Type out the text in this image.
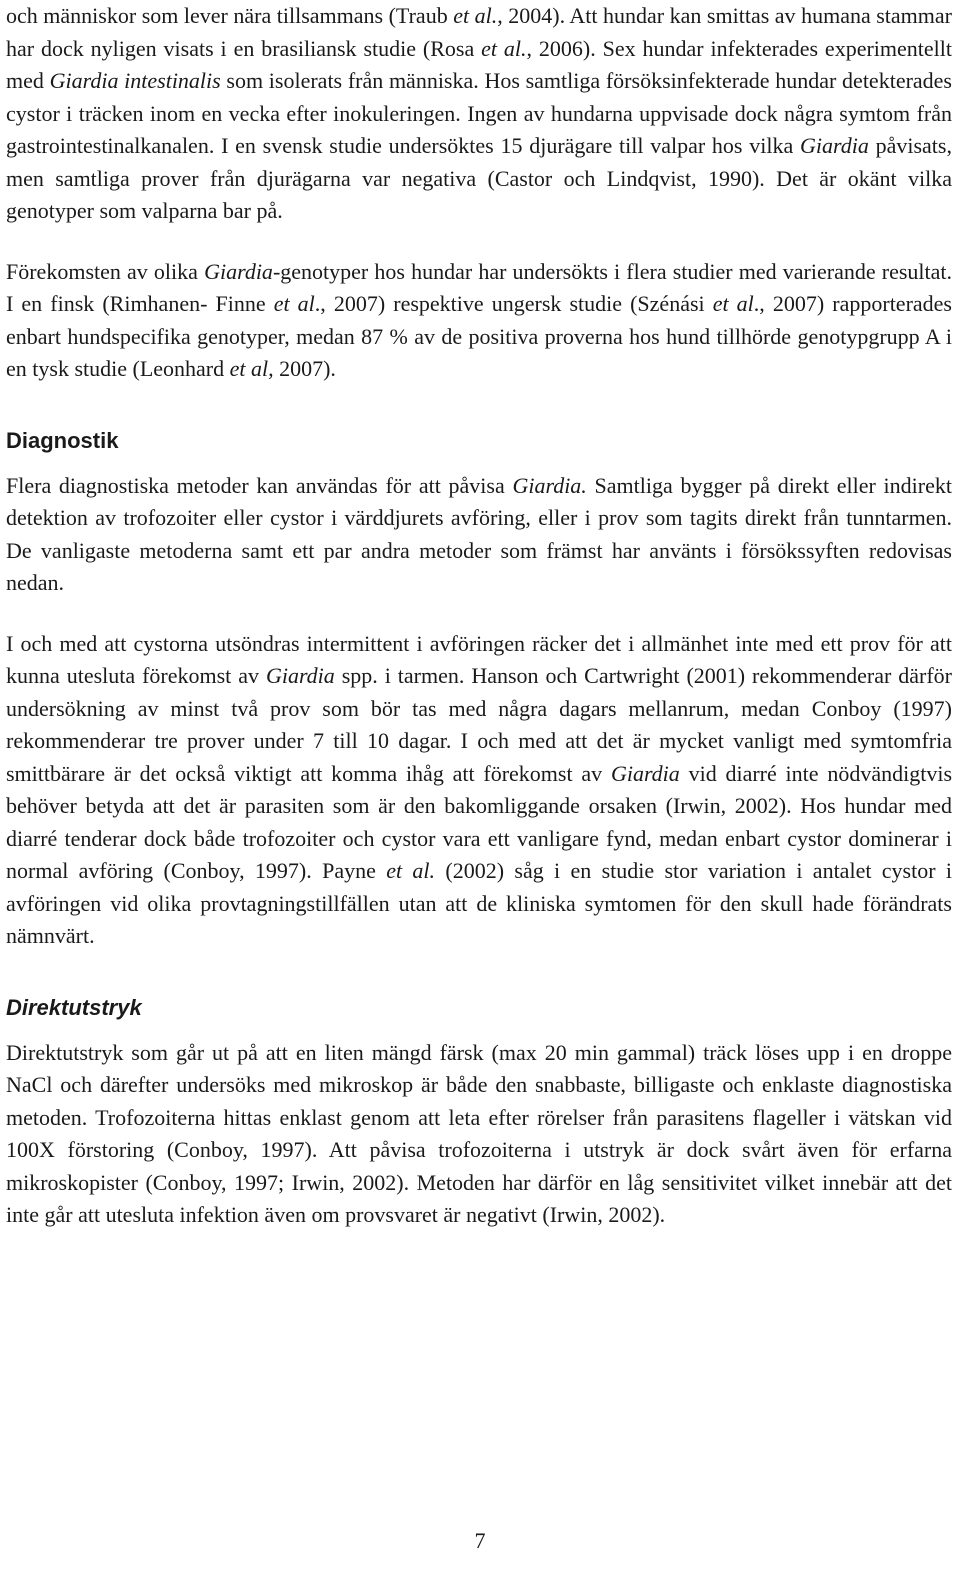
och människor som lever nära tillsammans (Traub et al., 2004). Att hundar kan smittas av humana stammar har dock nyligen visats i en brasiliansk studie (Rosa et al., 2006). Sex hundar infekterades experimentellt med Giardia intestinalis som isolerats från människa. Hos samtliga försöksinfekterade hundar detekterades cystor i träcken inom en vecka efter inokuleringen. Ingen av hundarna uppvisade dock några symtom från gastrointestinalkanalen. I en svensk studie undersöktes 15 djurägare till valpar hos vilka Giardia påvisats, men samtliga prover från djurägarna var negativa (Castor och Lindqvist, 1990). Det är okänt vilka genotyper som valparna bar på.

Förekomsten av olika Giardia-genotyper hos hundar har undersökts i flera studier med varierande resultat. I en finsk (Rimhanen- Finne et al., 2007) respektive ungersk studie (Szénási et al., 2007) rapporterades enbart hundspecifika genotyper, medan 87 % av de positiva proverna hos hund tillhörde genotypgrupp A i en tysk studie (Leonhard et al, 2007).

Diagnostik

Flera diagnostiska metoder kan användas för att påvisa Giardia. Samtliga bygger på direkt eller indirekt detektion av trofozoiter eller cystor i värddjurets avföring, eller i prov som tagits direkt från tunntarmen. De vanligaste metoderna samt ett par andra metoder som främst har använts i försökssyften redovisas nedan.

I och med att cystorna utsöndras intermittent i avföringen räcker det i allmänhet inte med ett prov för att kunna utesluta förekomst av Giardia spp. i tarmen. Hanson och Cartwright (2001) rekommenderar därför undersökning av minst två prov som bör tas med några dagars mellanrum, medan Conboy (1997) rekommenderar tre prover under 7 till 10 dagar. I och med att det är mycket vanligt med symtomfria smittbärare är det också viktigt att komma ihåg att förekomst av Giardia vid diarré inte nödvändigtvis behöver betyda att det är parasiten som är den bakomliggande orsaken (Irwin, 2002). Hos hundar med diarré tenderar dock både trofozoiter och cystor vara ett vanligare fynd, medan enbart cystor dominerar i normal avföring (Conboy, 1997). Payne et al. (2002) såg i en studie stor variation i antalet cystor i avföringen vid olika provtagningstillfällen utan att de kliniska symtomen för den skull hade förändrats nämnvärt.

Direktutstryk

Direktutstryk som går ut på att en liten mängd färsk (max 20 min gammal) träck löses upp i en droppe NaCl och därefter undersöks med mikroskop är både den snabbaste, billigaste och enklaste diagnostiska metoden. Trofozoiterna hittas enklast genom att leta efter rörelser från parasitens flageller i vätskan vid 100X förstoring (Conboy, 1997). Att påvisa trofozoiterna i utstryk är dock svårt även för erfarna mikroskopister (Conboy, 1997; Irwin, 2002). Metoden har därför en låg sensitivitet vilket innebär att det inte går att utesluta infektion även om provsvaret är negativt (Irwin, 2002).

7
